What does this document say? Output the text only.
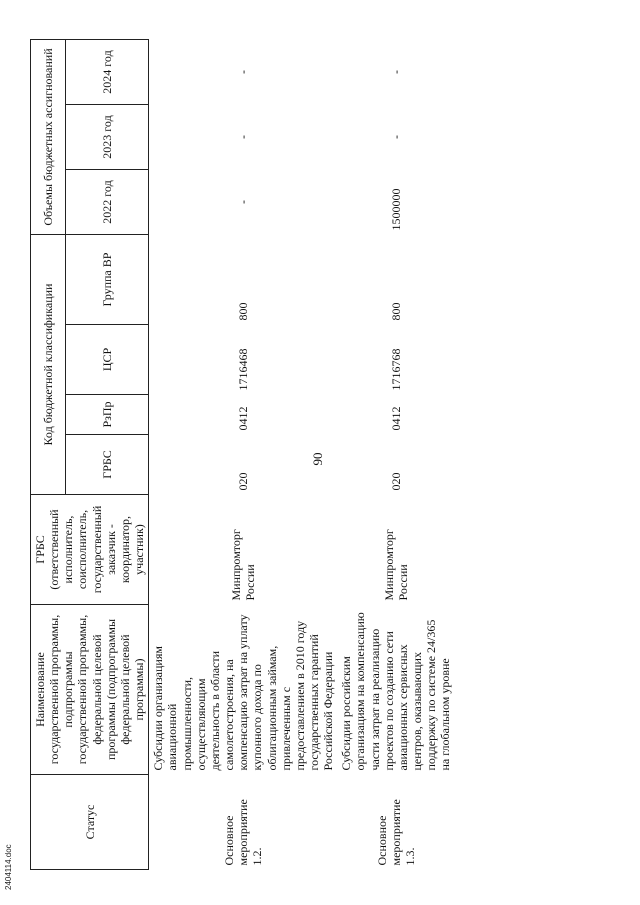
90
Статус	Наименование государственной программы, подпрограммы государственной программы, федеральной целевой программы (подпрограммы федеральной целевой программы)	ГРБС (ответственный исполнитель, соисполнитель, государственный заказчик - координатор, участник)	Код бюджетной классификации				Объемы бюджетных ассигнований		
			ГРБС	РзПр	ЦСР	Группа ВР	2022 год	2023 год	2024 год

Основное мероприятие 1.2.	Субсидии организациям авиационной промышленности, осуществляющим деятельность в области самолетостроения, на компенсацию затрат на уплату купонного дохода по облигационным займам, привлеченным с предоставлением в 2010 году государственных гарантий Российской Федерации	Минпромторг России	020	0412	1716468	800	-	-	-
Основное мероприятие 1.3.	Субсидии российским организациям на компенсацию части затрат на реализацию проектов по созданию сети авиационных сервисных центров, оказывающих поддержку по системе 24/365 на глобальном уровне	Минпромторг России	020	0412	1716768	800	1500000	-	-
2404114.doc
